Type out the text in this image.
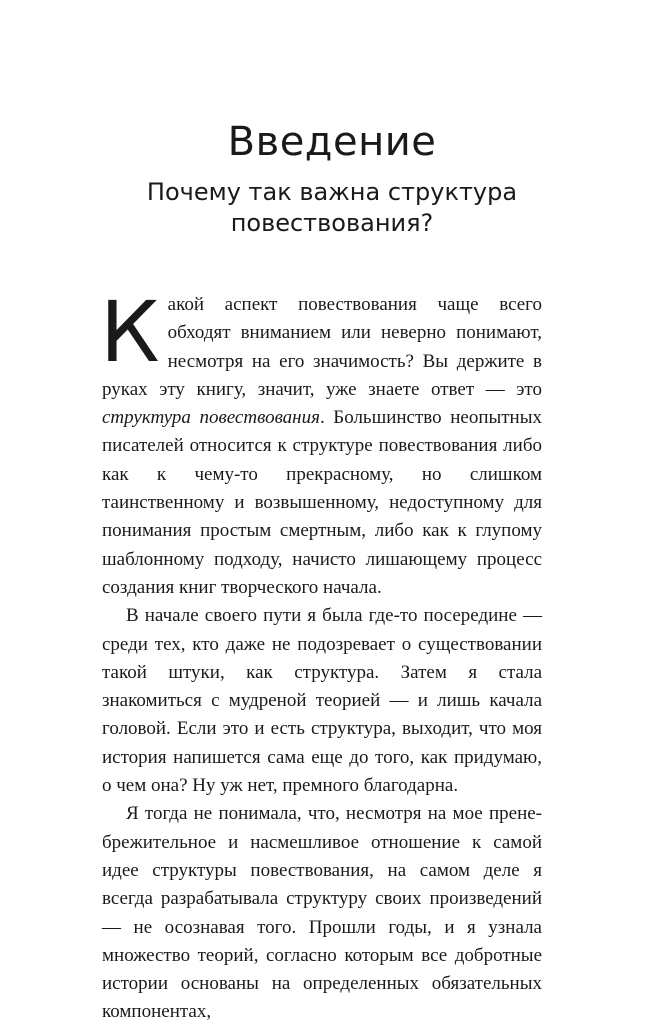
Введение
Почему так важна структура
повествования?

Какой аспект повествования чаще всего обходят вниманием или неверно понимают, несмотря на его значимость? Вы держите в руках эту книгу, значит, уже знаете ответ — это структура повествования. Большинство неопытных писателей относится к структуре повествования либо как к чему-то прекрасному, но слишком таинственному и возвышенному, недоступному для понимания простым смертным, либо как к глупому шаблонному подходу, начисто лишающему процесс создания книг творческого начала.

В начале своего пути я была где-то посередине — среди тех, кто даже не подозревает о существовании такой штуки, как структура. Затем я стала знакомиться с мудреной теорией — и лишь качала головой. Если это и есть структура, выходит, что моя история напишется сама еще до того, как придумаю, о чем она? Ну уж нет, премного благодарна.

Я тогда не понимала, что, несмотря на мое пренебрежительное и насмешливое отношение к самой идее структуры повествования, на самом деле я всегда разрабатывала структуру своих произведений — не осознавая того. Прошли годы, и я узнала множество теорий, согласно которым все добротные истории основаны на определенных обязательных компонентах,
